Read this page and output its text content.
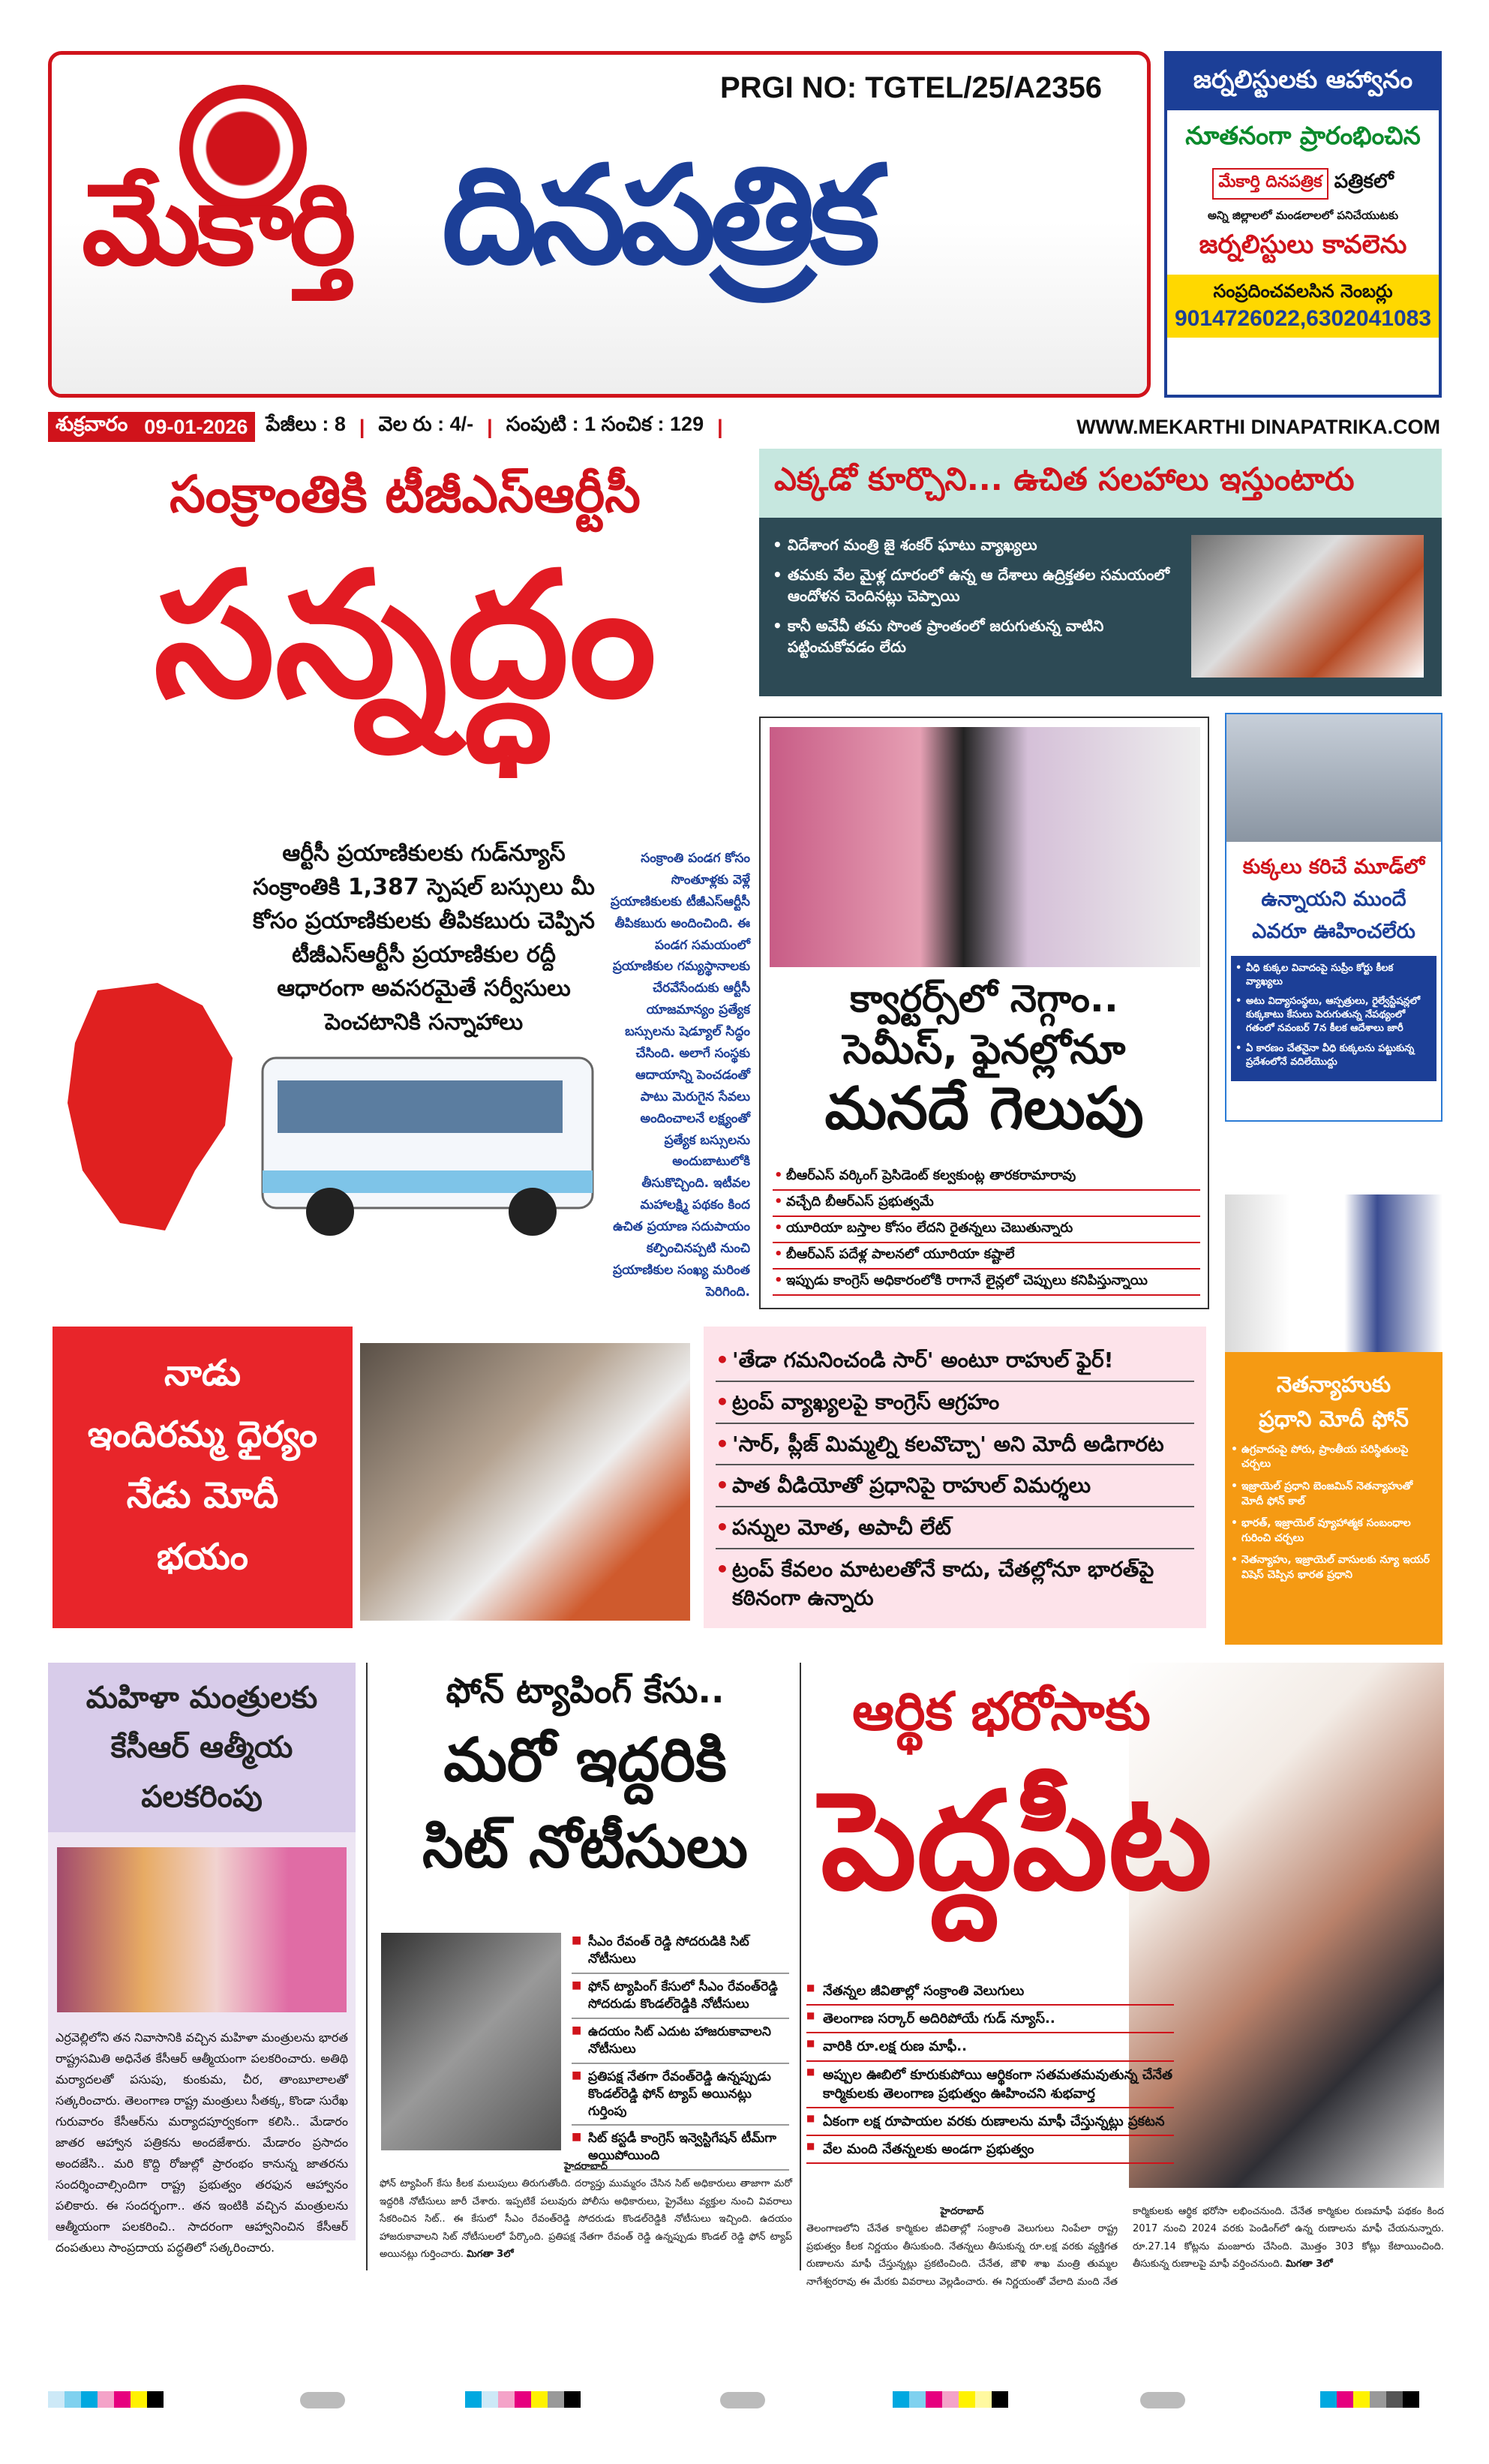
PRGI NO: TGTEL/25/A2356
మేకార్తి దినపత్రిక
జర్నలిస్టులకు ఆహ్వానం
నూతనంగా ప్రారంభించిన
మేకార్తి దినపత్రిక పత్రికలో
అన్ని జిల్లాలలో మండలాలలో పనిచేయుటకు
జర్నలిస్టులు కావలెను
సంప్రదించవలసిన నెంబర్లు
9014726022,6302041083
శుక్రవారం 09-01-2026 పేజీలు : 8 | వెల రు : 4/- | సంపుటి : 1 సంచిక : 129 |	WWW.MEKARTHI DINAPATRIKA.COM
సంక్రాంతికి టీజీఎస్ఆర్టీసీ
సన్నద్ధం
ఆర్టీసీ ప్రయాణికులకు గుడ్‌న్యూస్ సంక్రాంతికి 1,387 స్పెషల్ బస్సులు మీ కోసం ప్రయాణికులకు తీపికబురు చెప్పిన టీజీఎస్ఆర్టీసీ ప్రయాణికుల రద్దీ ఆధారంగా అవసరమైతే సర్వీసులు పెంచటానికి సన్నాహాలు
సంక్రాంతి పండగ కోసం సొంతూళ్లకు వెళ్లే ప్రయాణికులకు టీజీఎస్ఆర్టీసీ తీపికబురు అందించింది. ఈ పండగ సమయంలో ప్రయాణికుల గమ్యస్థానాలకు చేరవేసేందుకు ఆర్టీసీ యాజమాన్యం ప్రత్యేక బస్సులను షెడ్యూల్ సిద్ధం చేసింది. అలాగే సంస్థకు ఆదాయాన్ని పెంచడంతో పాటు మెరుగైన సేవలు అందించాలనే లక్ష్యంతో ప్రత్యేక బస్సులను అందుబాటులోకి తీసుకొచ్చింది. ఇటీవల మహాలక్ష్మి పథకం కింద ఉచిత ప్రయాణ సదుపాయం కల్పించినప్పటి నుంచి ప్రయాణికుల సంఖ్య మరింత పెరిగింది.
ఎక్కడో కూర్చొని... ఉచిత సలహాలు ఇస్తుంటారు
• విదేశాంగ మంత్రి జై శంకర్ ఘాటు వ్యాఖ్యలు
• తమకు వేల మైళ్ల దూరంలో ఉన్న ఆ దేశాలు ఉద్రిక్తతల సమయంలో ఆందోళన చెందినట్లు చెప్పాయి
• కానీ అవేవీ తమ సొంత ప్రాంతంలో జరుగుతున్న వాటిని పట్టించుకోవడం లేదు
క్వార్టర్స్‌లో నెగ్గాం..
సెమీస్, ఫైనల్లోనూ
మనదే గెలుపు
• బీఆర్‌ఎస్ వర్కింగ్ ప్రెసిడెంట్ కల్వకుంట్ల తారకరామారావు
• వచ్చేది బీఆర్‌ఎస్ ప్రభుత్వమే
• యూరియా బస్తాల కోసం లేదని రైతన్నలు చెబుతున్నారు
• బీఆర్‌ఎస్ పదేళ్ల పాలనలో యూరియా కష్టాలే
• ఇప్పుడు కాంగ్రెస్ అధికారంలోకి రాగానే లైన్లలో చెప్పులు కనిపిస్తున్నాయి
కుక్కలు కరిచే మూడ్‌లో
ఉన్నాయని ముందే
ఎవరూ ఊహించలేరు
• వీధి కుక్కల వివాదంపై సుప్రీం కోర్టు కీలక వ్యాఖ్యలు
• అటు విద్యాసంస్థలు, ఆస్పత్రులు, రైల్వేస్టేషన్లలో కుక్కకాటు కేసులు పెరుగుతున్న నేపథ్యంలో గతంలో నవంబర్ 7న కీలక ఆదేశాలు జారీ
• ఏ కారణం చేతనైనా వీధి కుక్కలను పట్టుకున్న ప్రదేశంలోనే వదిలేయొద్దు
నెతన్యాహుకు
ప్రధాని మోదీ ఫోన్
• ఉగ్రవాదంపై పోరు, ప్రాంతీయ పరిస్థితులపై చర్చలు
• ఇజ్రాయెల్ ప్రధాని బెంజమిన్ నెతన్యాహుతో మోదీ ఫోన్ కాల్
• భారత్, ఇజ్రాయెల్ వ్యూహాత్మక సంబంధాల గురించి చర్చలు
• నెతన్యాహు, ఇజ్రాయెల్ వాసులకు న్యూ ఇయర్ విషెస్ చెప్పిన భారత ప్రధాని
నాడు
ఇందిరమ్మ ధైర్యం
నేడు మోదీ
భయం
• 'తేడా గమనించండి సార్' అంటూ రాహుల్ ఫైర్!
• ట్రంప్ వ్యాఖ్యలపై కాంగ్రెస్ ఆగ్రహం
• 'సార్, ప్లీజ్ మిమ్మల్ని కలవొచ్చా' అని మోదీ అడిగారట
• పాత వీడియోతో ప్రధానిపై రాహుల్ విమర్శలు
• పన్నుల మోత, అపాచీ లేట్
• ట్రంప్ కేవలం మాటలతోనే కాదు, చేతల్లోనూ భారత్‌పై కఠినంగా ఉన్నారు
మహిళా మంత్రులకు
కేసీఆర్ ఆత్మీయ
పలకరింపు
ఎర్రవెల్లిలోని తన నివాసానికి వచ్చిన మహిళా మంత్రులను భారత రాష్ట్రసమితి అధినేత కేసీఆర్ ఆత్మీయంగా పలకరించారు. అతిథి మర్యాదలతో పసుపు, కుంకుమ, చీర, తాంబూలాలతో సత్కరించారు. తెలంగాణ రాష్ట్ర మంత్రులు సీతక్క, కొండా సురేఖ గురువారం కేసీఆర్‌ను మర్యాదపూర్వకంగా కలిసి.. మేడారం జాతర ఆహ్వాన పత్రికను అందజేశారు. మేడారం ప్రసాదం అందజేసి.. మరి కొద్ది రోజుల్లో ప్రారంభం కానున్న జాతరను సందర్శించాల్సిందిగా రాష్ట్ర ప్రభుత్వం తరఫున ఆహ్వానం పలికారు. ఈ సందర్భంగా.. తన ఇంటికి వచ్చిన మంత్రులను ఆత్మీయంగా పలకరించి.. సాదరంగా ఆహ్వానించిన కేసీఆర్ దంపతులు సాంప్రదాయ పద్ధతిలో సత్కరించారు.
ఫోన్ ట్యాపింగ్ కేసు..
మరో ఇద్దరికి
సిట్ నోటీసులు
■ సీఎం రేవంత్ రెడ్డి సోదరుడికి సిట్ నోటీసులు
■ ఫోన్ ట్యాపింగ్ కేసులో సీఎం రేవంత్‌రెడ్డి సోదరుడు కొండల్‌రెడ్డికి నోటీసులు
■ ఉదయం సిట్ ఎదుట హాజరుకావాలని నోటీసులు
■ ప్రతిపక్ష నేతగా రేవంత్‌రెడ్డి ఉన్నప్పుడు కొండల్‌రెడ్డి ఫోన్ ట్యాప్ అయినట్లు గుర్తింపు
■ సిట్ కస్టడీ కాంగ్రెస్ ఇన్వెస్టిగేషన్ టీమ్‌గా అయిపోయింది
హైదరాబాద్
ఫోన్ ట్యాపింగ్ కేసు కీలక మలుపులు తిరుగుతోంది. దర్యాప్తు ముమ్మరం చేసిన సిట్ అధికారులు తాజాగా మరో ఇద్దరికి నోటీసులు జారీ చేశారు. ఇప్పటికే పలువురు పోలీసు అధికారులు, ప్రైవేటు వ్యక్తుల నుంచి వివరాలు సేకరించిన సిట్.. ఈ కేసులో సీఎం రేవంత్‌రెడ్డి సోదరుడు కొండల్‌రెడ్డికి నోటీసులు ఇచ్చింది. ఉదయం హాజరుకావాలని సిట్ నోటీసులలో పేర్కొంది. ప్రతిపక్ష నేతగా రేవంత్ రెడ్డి ఉన్నప్పుడు కొండల్ రెడ్డి ఫోన్ ట్యాప్ అయినట్లు గుర్తించారు. మిగతా 3లో
ఆర్థిక భరోసాకు
పెద్దపీట
■ నేతన్నల జీవితాల్లో సంక్రాంతి వెలుగులు
■ తెలంగాణ సర్కార్ అదిరిపోయే గుడ్ న్యూస్..
■ వారికి రూ.లక్ష రుణ మాఫీ..
■ అప్పుల ఊబిలో కూరుకుపోయి ఆర్థికంగా సతమతమవుతున్న చేనేత కార్మికులకు తెలంగాణ ప్రభుత్వం ఊహించని శుభవార్త
■ ఏకంగా లక్ష రూపాయల వరకు రుణాలను మాఫీ చేస్తున్నట్లు ప్రకటన
■ వేల మంది నేతన్నలకు అండగా ప్రభుత్వం
హైదరాబాద్
తెలంగాణలోని చేనేత కార్మికుల జీవితాల్లో సంక్రాంతి వెలుగులు నింపేలా రాష్ట్ర ప్రభుత్వం కీలక నిర్ణయం తీసుకుంది. నేతన్నలు తీసుకున్న రూ.లక్ష వరకు వ్యక్తిగత రుణాలను మాఫీ చేస్తున్నట్లు ప్రకటించింది. చేనేత, జౌళి శాఖ మంత్రి తుమ్మల నాగేశ్వరరావు ఈ మేరకు వివరాలు వెల్లడించారు. ఈ నిర్ణయంతో వేలాది మంది నేత కార్మికులకు ఆర్థిక భరోసా లభించనుంది. చేనేత కార్మికుల రుణమాఫీ పథకం కింద 2017 నుంచి 2024 వరకు పెండింగ్‌లో ఉన్న రుణాలను మాఫీ చేయనున్నారు. రూ.27.14 కోట్లను మంజూరు చేసింది. మొత్తం 303 కోట్లు కేటాయించింది. తీసుకున్న రుణాలపై మాఫీ వర్తించనుంది. మిగతా 3లో
